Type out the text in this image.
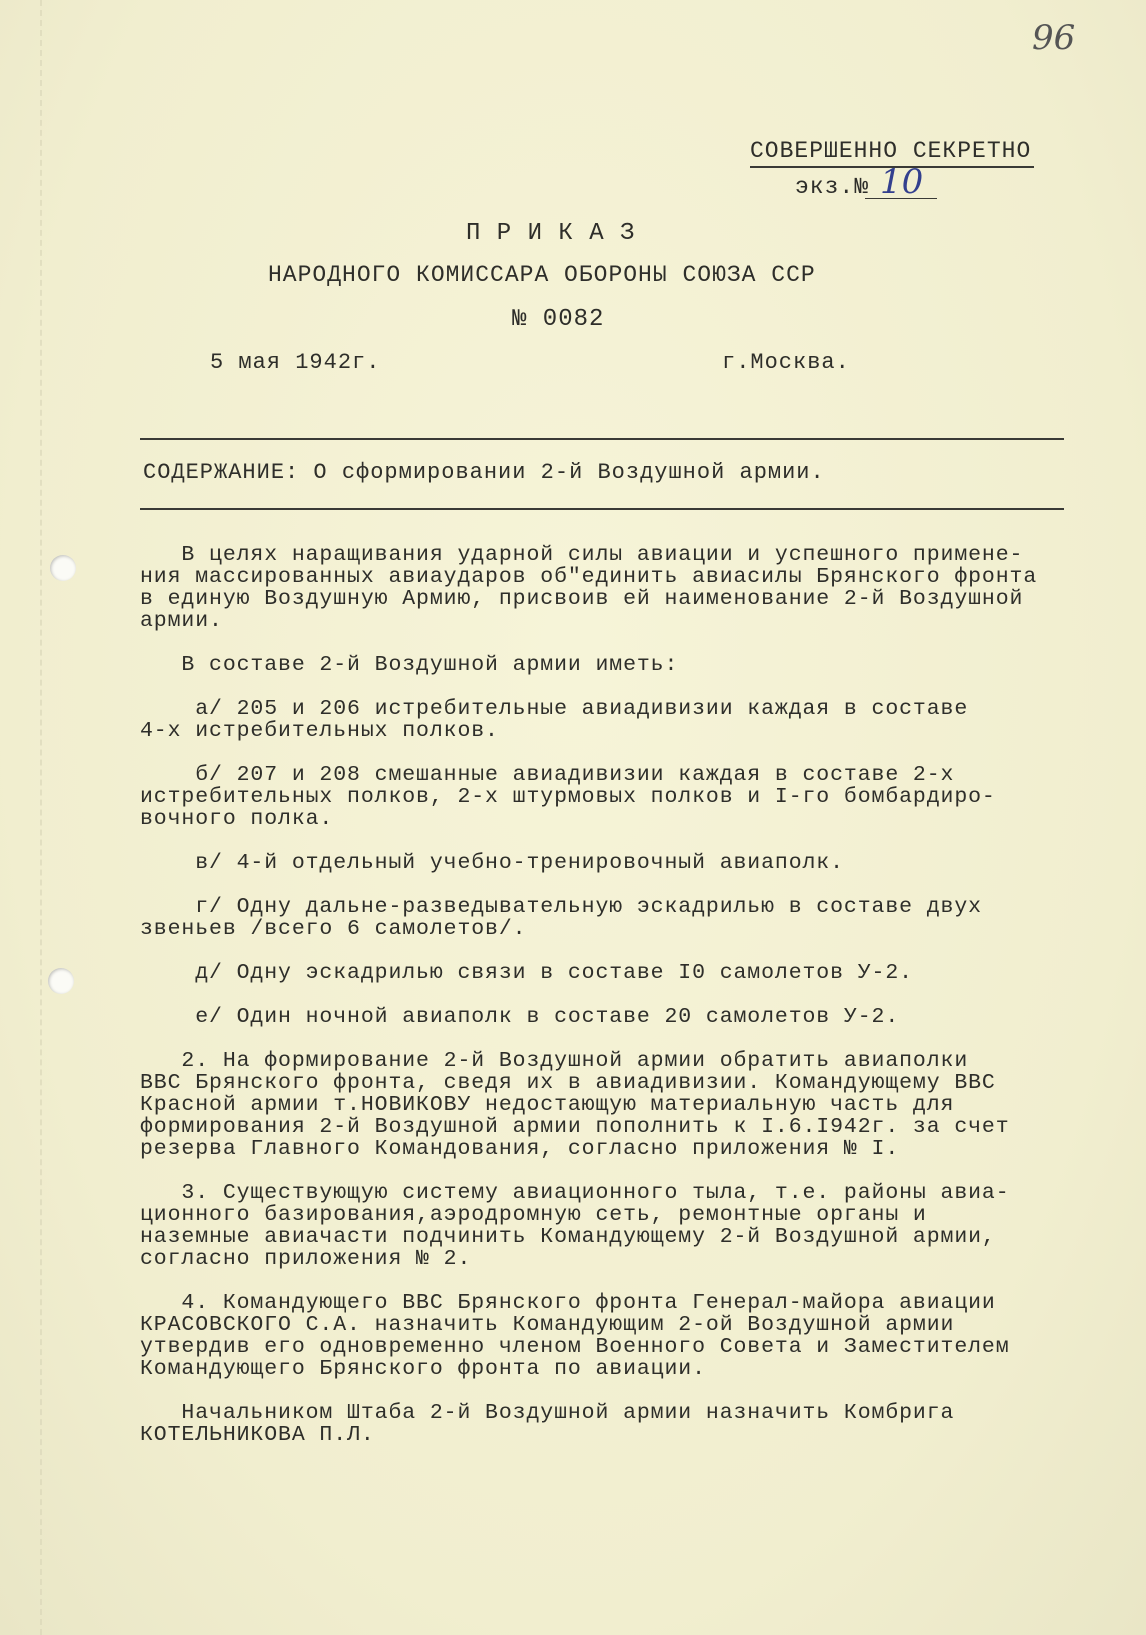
96
СОВЕРШЕННО СЕКРЕТНО
экз.№ 10
П Р И К А З
НАРОДНОГО КОМИССАРА ОБОРОНЫ СОЮЗА ССР
№ 0082
5 мая 1942г.	г.Москва.
СОДЕРЖАНИЕ: О сформировании 2-й Воздушной армии.
В целях наращивания ударной силы авиации и успешного примене-
ния массированных авиаударов об"единить авиасилы Брянского фронта
в единую Воздушную Армию, присвоив ей наименование 2-й Воздушной
армии.
В составе 2-й Воздушной армии иметь:
а/ 205 и 206 истребительные авиадивизии каждая в составе
4-х истребительных полков.
б/ 207 и 208 смешанные авиадивизии каждая в составе 2-х
истребительных полков, 2-х штурмовых полков и I-го бомбардиро-
вочного полка.
в/ 4-й отдельный учебно-тренировочный авиаполк.
г/ Одну дальне-разведывательную эскадрилью в составе двух
звеньев /всего 6 самолетов/.
д/ Одну эскадрилью связи в составе I0 самолетов У-2.
е/ Один ночной авиаполк в составе 20 самолетов У-2.
2. На формирование 2-й Воздушной армии обратить авиаполки
ВВС Брянского фронта, сведя их в авиадивизии. Командующему ВВС
Красной армии т.НОВИКОВУ недостающую материальную часть для
формирования 2-й Воздушной армии пополнить к I.6.I942г. за счет
резерва Главного Командования, согласно приложения № I.
3. Существующую систему авиационного тыла, т.е. районы авиа-
ционного базирования,аэродромную сеть, ремонтные органы и
наземные авиачасти подчинить Командующему 2-й Воздушной армии,
согласно приложения № 2.
4. Командующего ВВС Брянского фронта Генерал-майора авиации
КРАСОВСКОГО С.А. назначить Командующим 2-ой Воздушной армии
утвердив его одновременно членом Военного Совета и Заместителем
Командующего Брянского фронта по авиации.
Начальником Штаба 2-й Воздушной армии назначить Комбрига
КОТЕЛЬНИКОВА П.Л.
